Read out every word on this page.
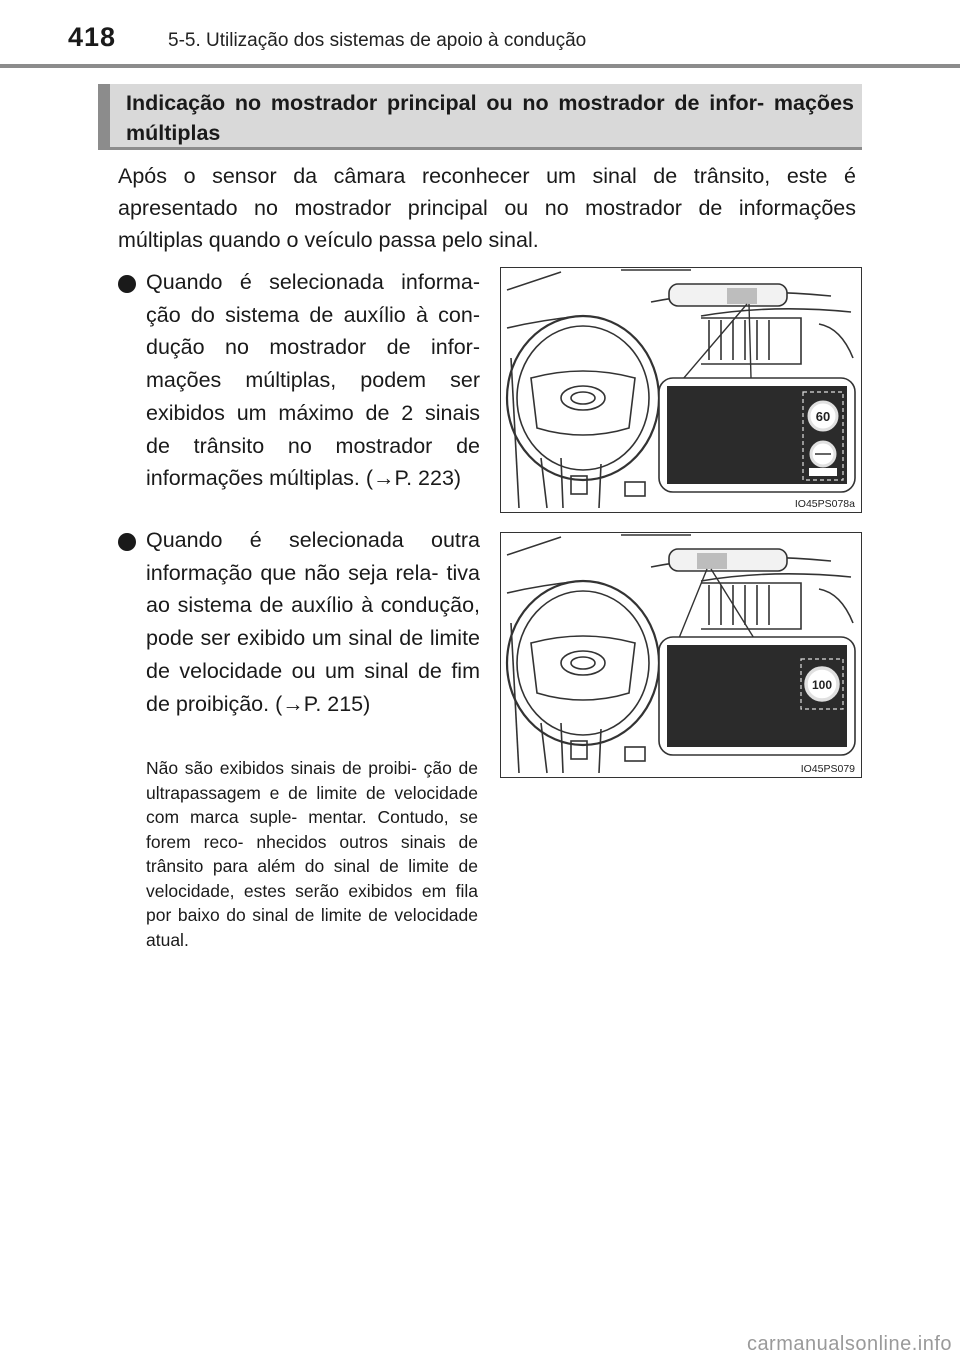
418	5-5. Utilização dos sistemas de apoio à condução
Indicação no mostrador principal ou no mostrador de infor- mações múltiplas

Após o sensor da câmara reconhecer um sinal de trânsito, este é apresentado no mostrador principal ou no mostrador de informações múltiplas quando o veículo passa pelo sinal.

Quando é selecionada informa- ção do sistema de auxílio à con- dução no mostrador de infor- mações múltiplas, podem ser exibidos um máximo de 2 sinais de trânsito no mostrador de informações múltiplas. (→P. 223)

Quando é selecionada outra informação que não seja rela- tiva ao sistema de auxílio à condução, pode ser exibido um sinal de limite de velocidade ou um sinal de fim de proibição. (→P. 215)

Não são exibidos sinais de proibi- ção de ultrapassagem e de limite de velocidade com marca suple- mentar. Contudo, se forem reco- nhecidos outros sinais de trânsito para além do sinal de limite de velocidade, estes serão exibidos em fila por baixo do sinal de limite de velocidade atual.

60
IO45PS078a
100
IO45PS079
carmanualsonline.info
